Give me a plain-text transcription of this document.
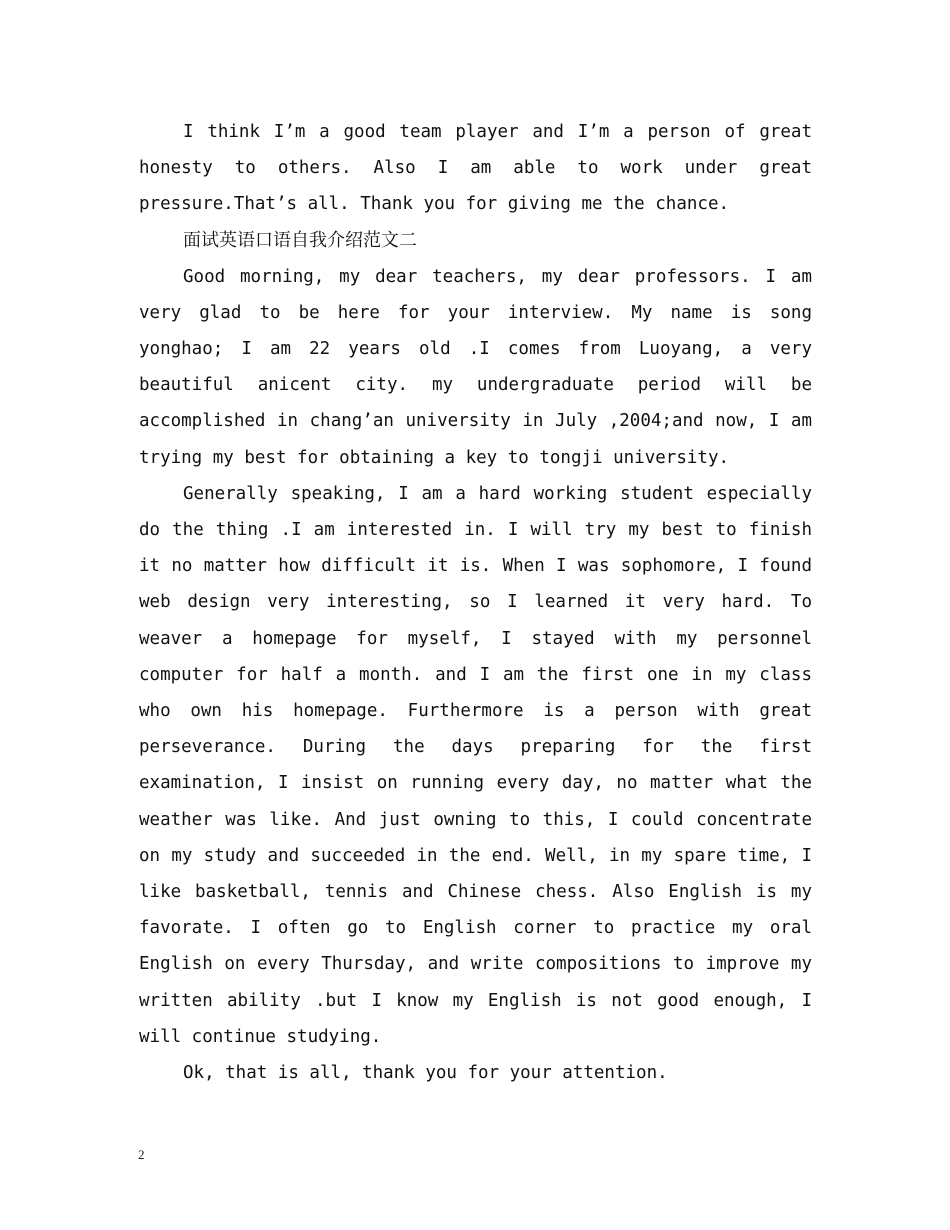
I think I’m a good team player and I’m a person of great honesty to others. Also I am able to work under great pressure.That’s all. Thank you for giving me the chance.

面试英语口语自我介绍范文二

Good morning, my dear teachers, my dear professors. I am very glad to be here for your interview. My name is song yonghao; I am 22 years old .I comes from Luoyang, a very beautiful anicent city. my undergraduate period will be accomplished in chang’an university in July ,2004;and now, I am trying my best for obtaining a key to tongji university.

Generally speaking, I am a hard working student especially do the thing .I am interested in. I will try my best to finish it no matter how difficult it is. When I was sophomore, I found web design very interesting, so I learned it very hard. To weaver a homepage for myself, I stayed with my personnel computer for half a month. and I am the first one in my class who own his homepage. Furthermore is a person with great perseverance. During the days preparing for the first examination, I insist on running every day, no matter what the weather was like. And just owning to this, I could concentrate on my study and succeeded in the end. Well, in my spare time, I like basketball, tennis and Chinese chess. Also English is my favorate. I often go to English corner to practice my oral English on every Thursday, and write compositions to improve my written ability .but I know my English is not good enough, I will continue studying.

Ok, that is all, thank you for your attention.

2
